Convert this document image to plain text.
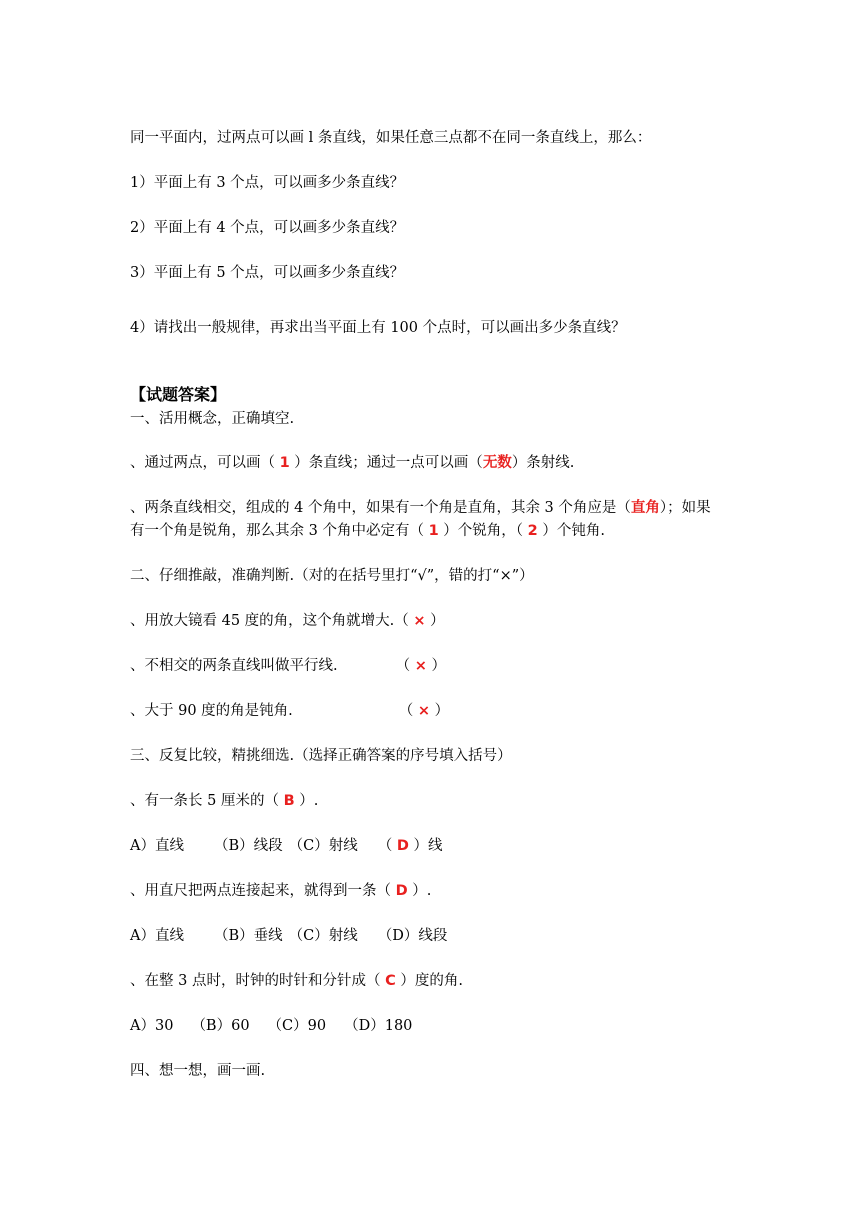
同一平面内，过两点可以画 l 条直线，如果任意三点都不在同一条直线上，那么：
1）平面上有 3 个点，可以画多少条直线？
2）平面上有 4 个点，可以画多少条直线？
3）平面上有 5 个点，可以画多少条直线？
4）请找出一般规律，再求出当平面上有 100 个点时，可以画出多少条直线？
【试题答案】
一、活用概念，正确填空.
、通过两点，可以画（ 1 ）条直线；通过一点可以画（无数）条射线.
、两条直线相交，组成的 4 个角中，如果有一个角是直角，其余 3 个角应是（直角）；如果
有一个角是锐角，那么其余 3 个角中必定有（ 1 ）个锐角，（ 2 ）个钝角.
二、仔细推敲，准确判断.（对的在括号里打“√”，错的打“×”）
、用放大镜看 45 度的角，这个角就增大.（ × ）
、不相交的两条直线叫做平行线.	（ × ）
、大于 90 度的角是钝角.	（ × ）
三、反复比较，精挑细选.（选择正确答案的序号填入括号）
、有一条长 5 厘米的（ B ）.
A）直线 （B）线段 （C）射线 （ D ）线
、用直尺把两点连接起来，就得到一条（ D ）.
A）直线 （B）垂线 （C）射线 （D）线段
、在整 3 点时，时钟的时针和分针成（ C ）度的角.
A）30 （B）60 （C）90 （D）180
四、想一想，画一画.
